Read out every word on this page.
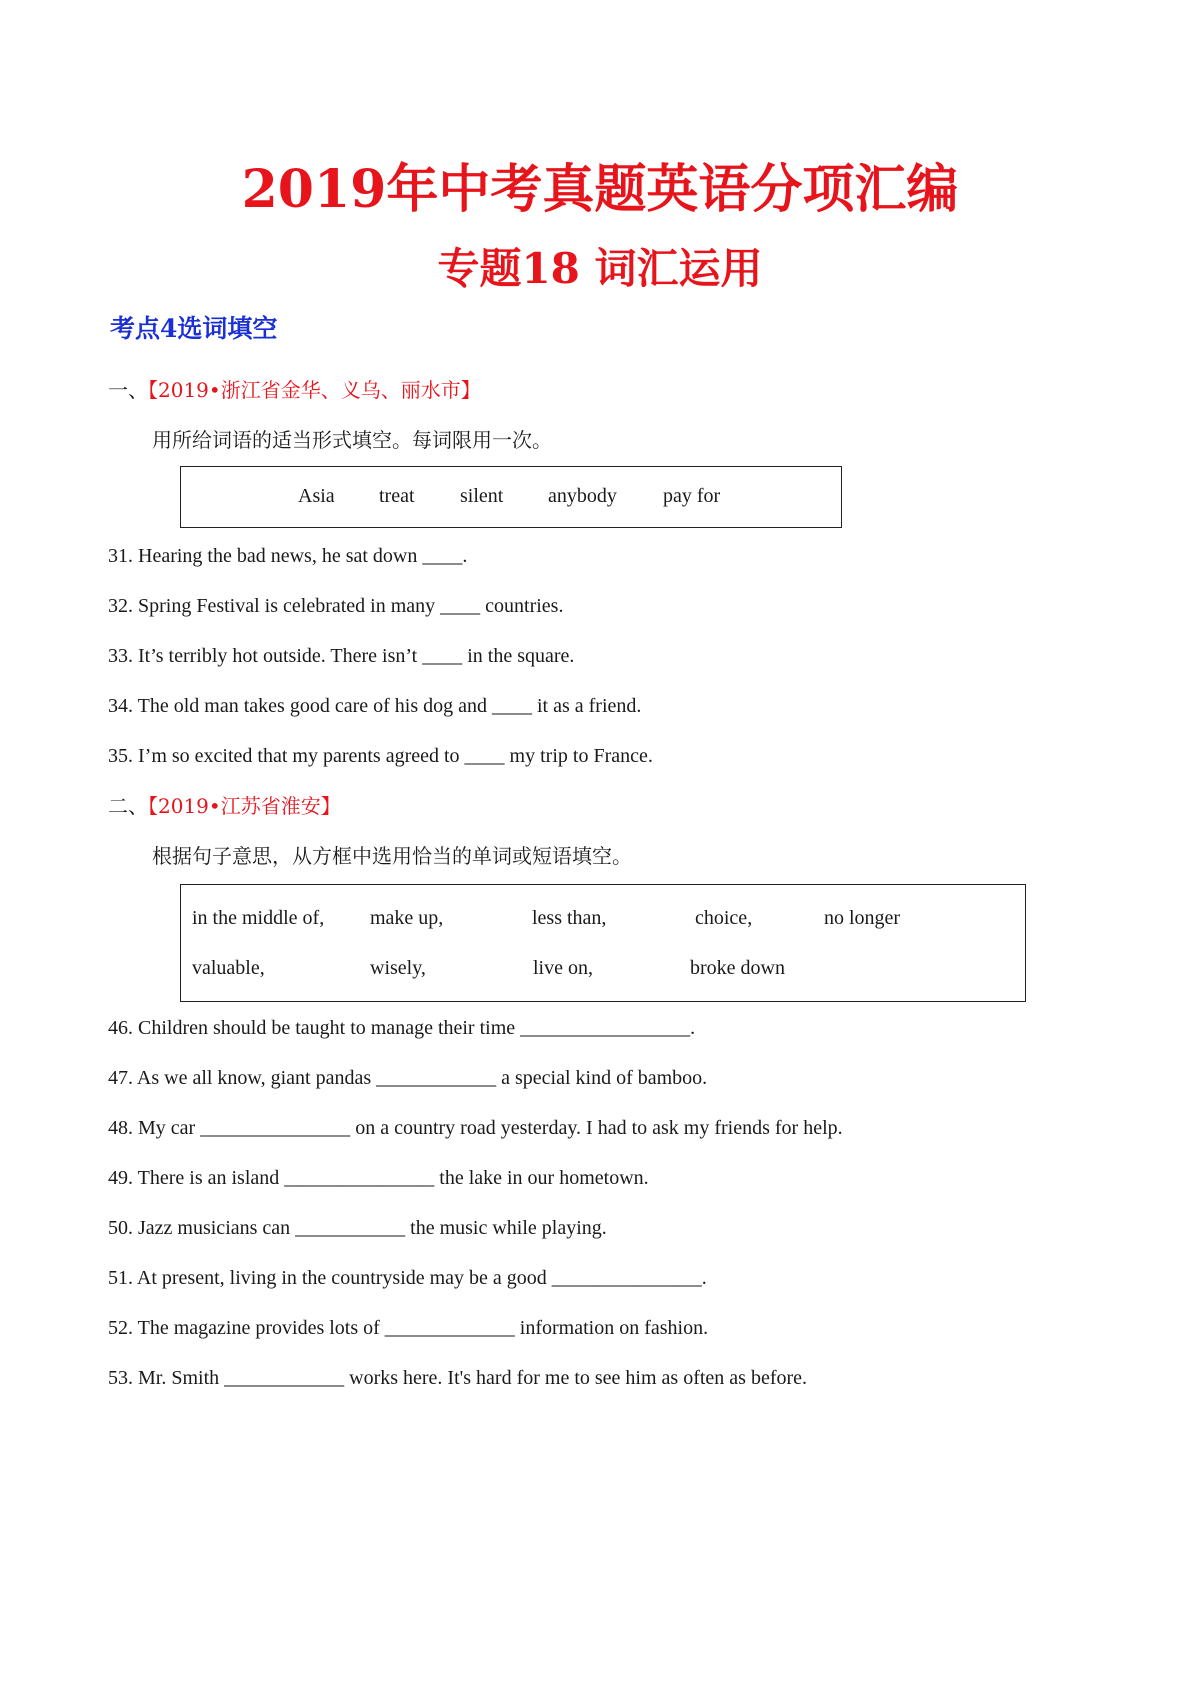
2019年中考真题英语分项汇编
专题18 词汇运用
考点4选词填空
一、【2019•浙江省金华、义乌、丽水市】
用所给词语的适当形式填空。每词限用一次。
Asia treat silent anybody pay for
31. Hearing the bad news, he sat down ____.
32. Spring Festival is celebrated in many ____ countries.
33. It’s terribly hot outside. There isn’t ____ in the square.
34. The old man takes good care of his dog and ____ it as a friend.
35. I’m so excited that my parents agreed to ____ my trip to France.
二、【2019•江苏省淮安】
根据句子意思，从方框中选用恰当的单词或短语填空。
in the middle of, make up,	less than,	choice,	no longer
valuable,	wisely,	live on,	broke down
46. Children should be taught to manage their time _________________.
47. As we all know, giant pandas ____________ a special kind of bamboo.
48. My car _______________ on a country road yesterday. I had to ask my friends for help.
49. There is an island _______________ the lake in our hometown.
50. Jazz musicians can ___________ the music while playing.
51. At present, living in the countryside may be a good _______________.
52. The magazine provides lots of _____________ information on fashion.
53. Mr. Smith ____________ works here. It's hard for me to see him as often as before.
